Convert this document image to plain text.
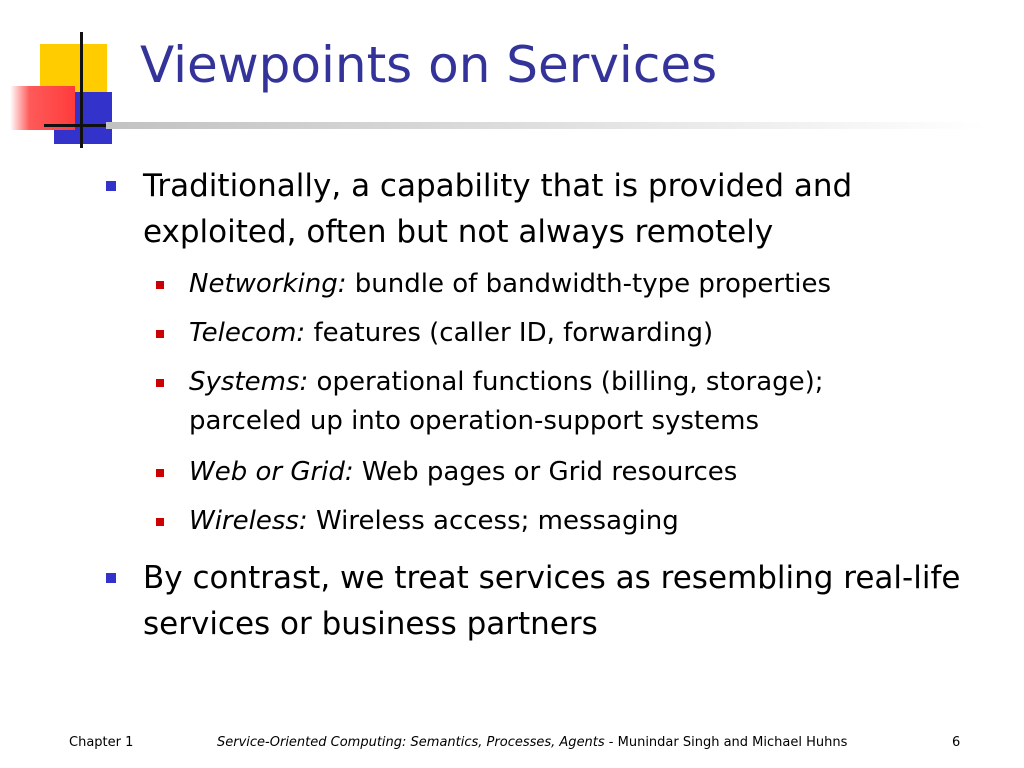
Viewpoints on Services
Traditionally, a capability that is provided and exploited, often but not always remotely
Networking: bundle of bandwidth-type properties
Telecom: features (caller ID, forwarding)
Systems: operational functions (billing, storage); parceled up into operation-support systems
Web or Grid: Web pages or Grid resources
Wireless: Wireless access; messaging
By contrast, we treat services as resembling real-life services or business partners
Chapter 1	Service-Oriented Computing: Semantics, Processes, Agents - Munindar Singh and Michael Huhns	6
